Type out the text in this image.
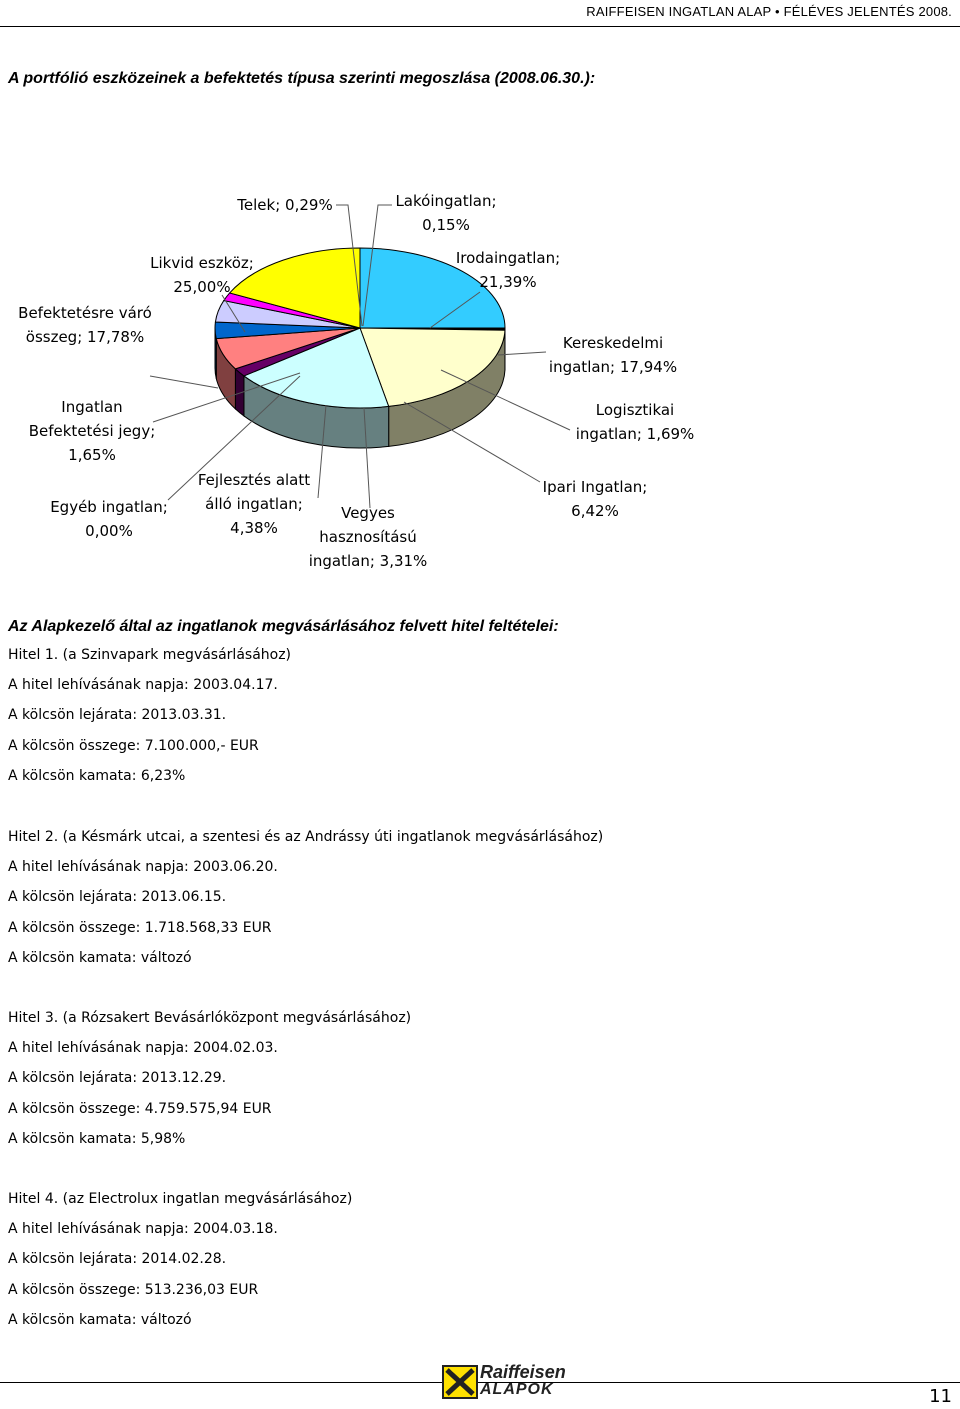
RAIFFEISEN INGATLAN ALAP • FÉLÉVES JELENTÉS 2008.
A portfólió eszközeinek a befektetés típusa szerinti megoszlása (2008.06.30.):
Telek; 0,29%	Lakóingatlan;
0,15%
Irodaingatlan;
21,39%
Likvid eszköz;
25,00%
Befektetésre váró
összeg; 17,78%	Kereskedelmi
ingatlan; 17,94%
Ingatlan
Befektetési jegy;
1,65%
Logisztikai
ingatlan; 1,69%
Fejlesztés alatt
álló ingatlan;
4,38%
Ipari Ingatlan;
6,42%
Egyéb ingatlan;
0,00%
Vegyes
hasznosítású
ingatlan; 3,31%
Az Alapkezelő által az ingatlanok megvásárlásához felvett hitel feltételei:
Hitel 1. (a Szinvapark megvásárlásához)
A hitel lehívásának napja: 2003.04.17.
A kölcsön lejárata: 2013.03.31.
A kölcsön összege: 7.100.000,- EUR
A kölcsön kamata: 6,23%
Hitel 2. (a Késmárk utcai, a szentesi és az Andrássy úti ingatlanok megvásárlásához)
A hitel lehívásának napja: 2003.06.20.
A kölcsön lejárata: 2013.06.15.
A kölcsön összege: 1.718.568,33 EUR
A kölcsön kamata: változó
Hitel 3. (a Rózsakert Bevásárlóközpont megvásárlásához)
A hitel lehívásának napja: 2004.02.03.
A kölcsön lejárata: 2013.12.29.
A kölcsön összege: 4.759.575,94 EUR
A kölcsön kamata: 5,98%
Hitel 4. (az Electrolux ingatlan megvásárlásához)
A hitel lehívásának napja: 2004.03.18.
A kölcsön lejárata: 2014.02.28.
A kölcsön összege: 513.236,03 EUR
A kölcsön kamata: változó
Raiffeisen
ALAPOK	11
